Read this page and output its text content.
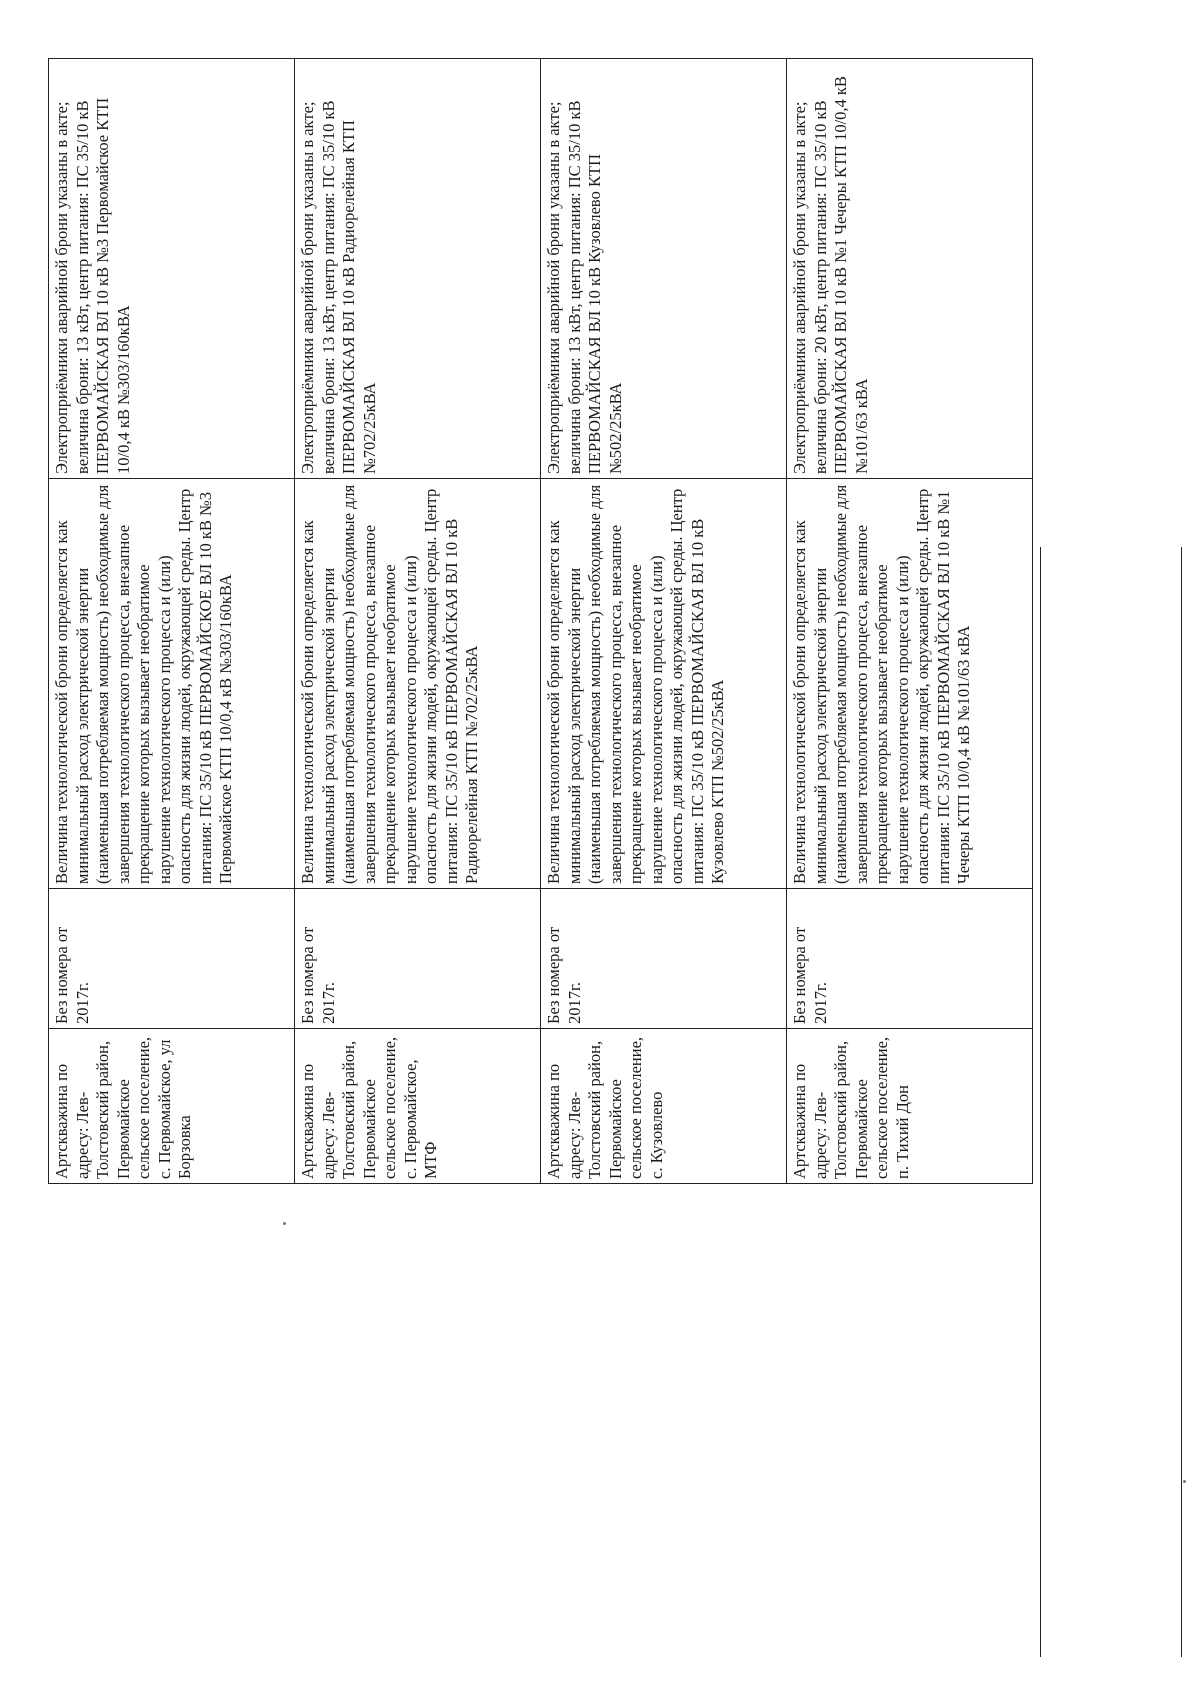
Артскважина по адресу: Лев-Толстовский район, Первомайское сельское поселение, с. Первомайское, ул Борзовка	Без номера от 2017г.	Величина технологической брони определяется как минимальный расход электрической энергии (наименьшая потребляемая мощность) необходимые для завершения технологического процесса, внезапное прекращение которых вызывает необратимое нарушение технологического процесса и (или) опасность для жизни людей, окружающей среды. Центр питания: ПС 35/10 кВ ПЕРВОМАЙСКОЕ ВЛ 10 кВ №3 Первомайское КТП 10/0,4 кВ №303/160кВА	Электроприёмники аварийной брони указаны в акте; величина брони: 13 кВт, центр питания: ПС 35/10 кВ ПЕРВОМАЙСКАЯ ВЛ 10 кВ №3 Первомайское КТП 10/0,4 кВ №303/160кВА
Артскважина по адресу: Лев-Толстовский район, Первомайское сельское поселение, с. Первомайское, МТФ	Без номера от 2017г.	Величина технологической брони определяется как минимальный расход электрической энергии (наименьшая потребляемая мощность) необходимые для завершения технологического процесса, внезапное прекращение которых вызывает необратимое нарушение технологического процесса и (или) опасность для жизни людей, окружающей среды. Центр питания: ПС 35/10 кВ ПЕРВОМАЙСКАЯ ВЛ 10 кВ Радиорелейная КТП №702/25кВА	Электроприёмники аварийной брони указаны в акте; величина брони: 13 кВт, центр питания: ПС 35/10 кВ ПЕРВОМАЙСКАЯ ВЛ 10 кВ Радиорелейная КТП №702/25кВА
Артскважина по адресу: Лев-Толстовский район, Первомайское сельское поселение, с. Кузовлево	Без номера от 2017г.	Величина технологической брони определяется как минимальный расход электрической энергии (наименьшая потребляемая мощность) необходимые для завершения технологического процесса, внезапное прекращение которых вызывает необратимое нарушение технологического процесса и (или) опасность для жизни людей, окружающей среды. Центр питания: ПС 35/10 кВ ПЕРВОМАЙСКАЯ ВЛ 10 кВ Кузовлево КТП №502/25кВА	Электроприёмники аварийной брони указаны в акте; величина брони: 13 кВт, центр питания: ПС 35/10 кВ ПЕРВОМАЙСКАЯ ВЛ 10 кВ Кузовлево КТП №502/25кВА
Артскважина по адресу: Лев-Толстовский район, Первомайское сельское поселение, п. Тихий Дон	Без номера от 2017г.	Величина технологической брони определяется как минимальный расход электрической энергии (наименьшая потребляемая мощность) необходимые для завершения технологического процесса, внезапное прекращение которых вызывает необратимое нарушение технологического процесса и (или) опасность для жизни людей, окружающей среды. Центр питания: ПС 35/10 кВ ПЕРВОМАЙСКАЯ ВЛ 10 кВ №1 Чечеры КТП 10/0,4 кВ №101/63 кВА	Электроприёмники аварийной брони указаны в акте; величина брони: 20 кВт, центр питания: ПС 35/10 кВ ПЕРВОМАЙСКАЯ ВЛ 10 кВ №1 Чечеры КТП 10/0,4 кВ №101/63 кВА
